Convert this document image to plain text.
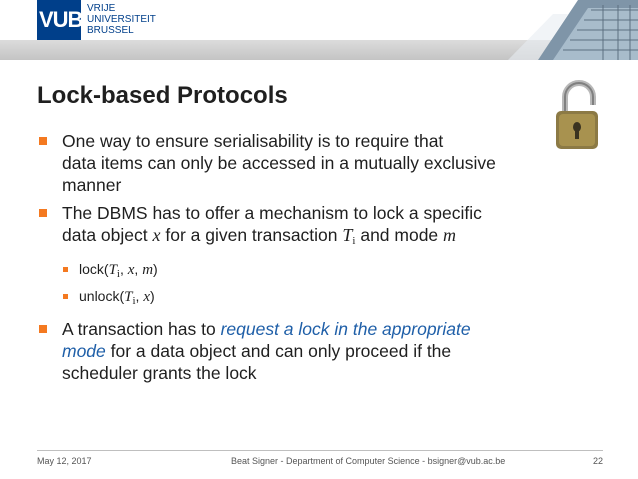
VUB VRIJE
UNIVERSITEIT
BRUSSEL
Lock-based Protocols
One way to ensure serialisability is to require that
data items can only be accessed in a mutually exclusive
manner
The DBMS has to offer a mechanism to lock a specific
data object x for a given transaction $T_i$ and mode m
$lock(T_i$, x, m)
$unlock(T_i$, x)
A transaction has to request a lock in the appropriate
mode for a data object and can only proceed if the
scheduler grants the lock
May 12, 2017	Beat Signer - Department of Computer Science - bsigner@vub.ac.be	22
